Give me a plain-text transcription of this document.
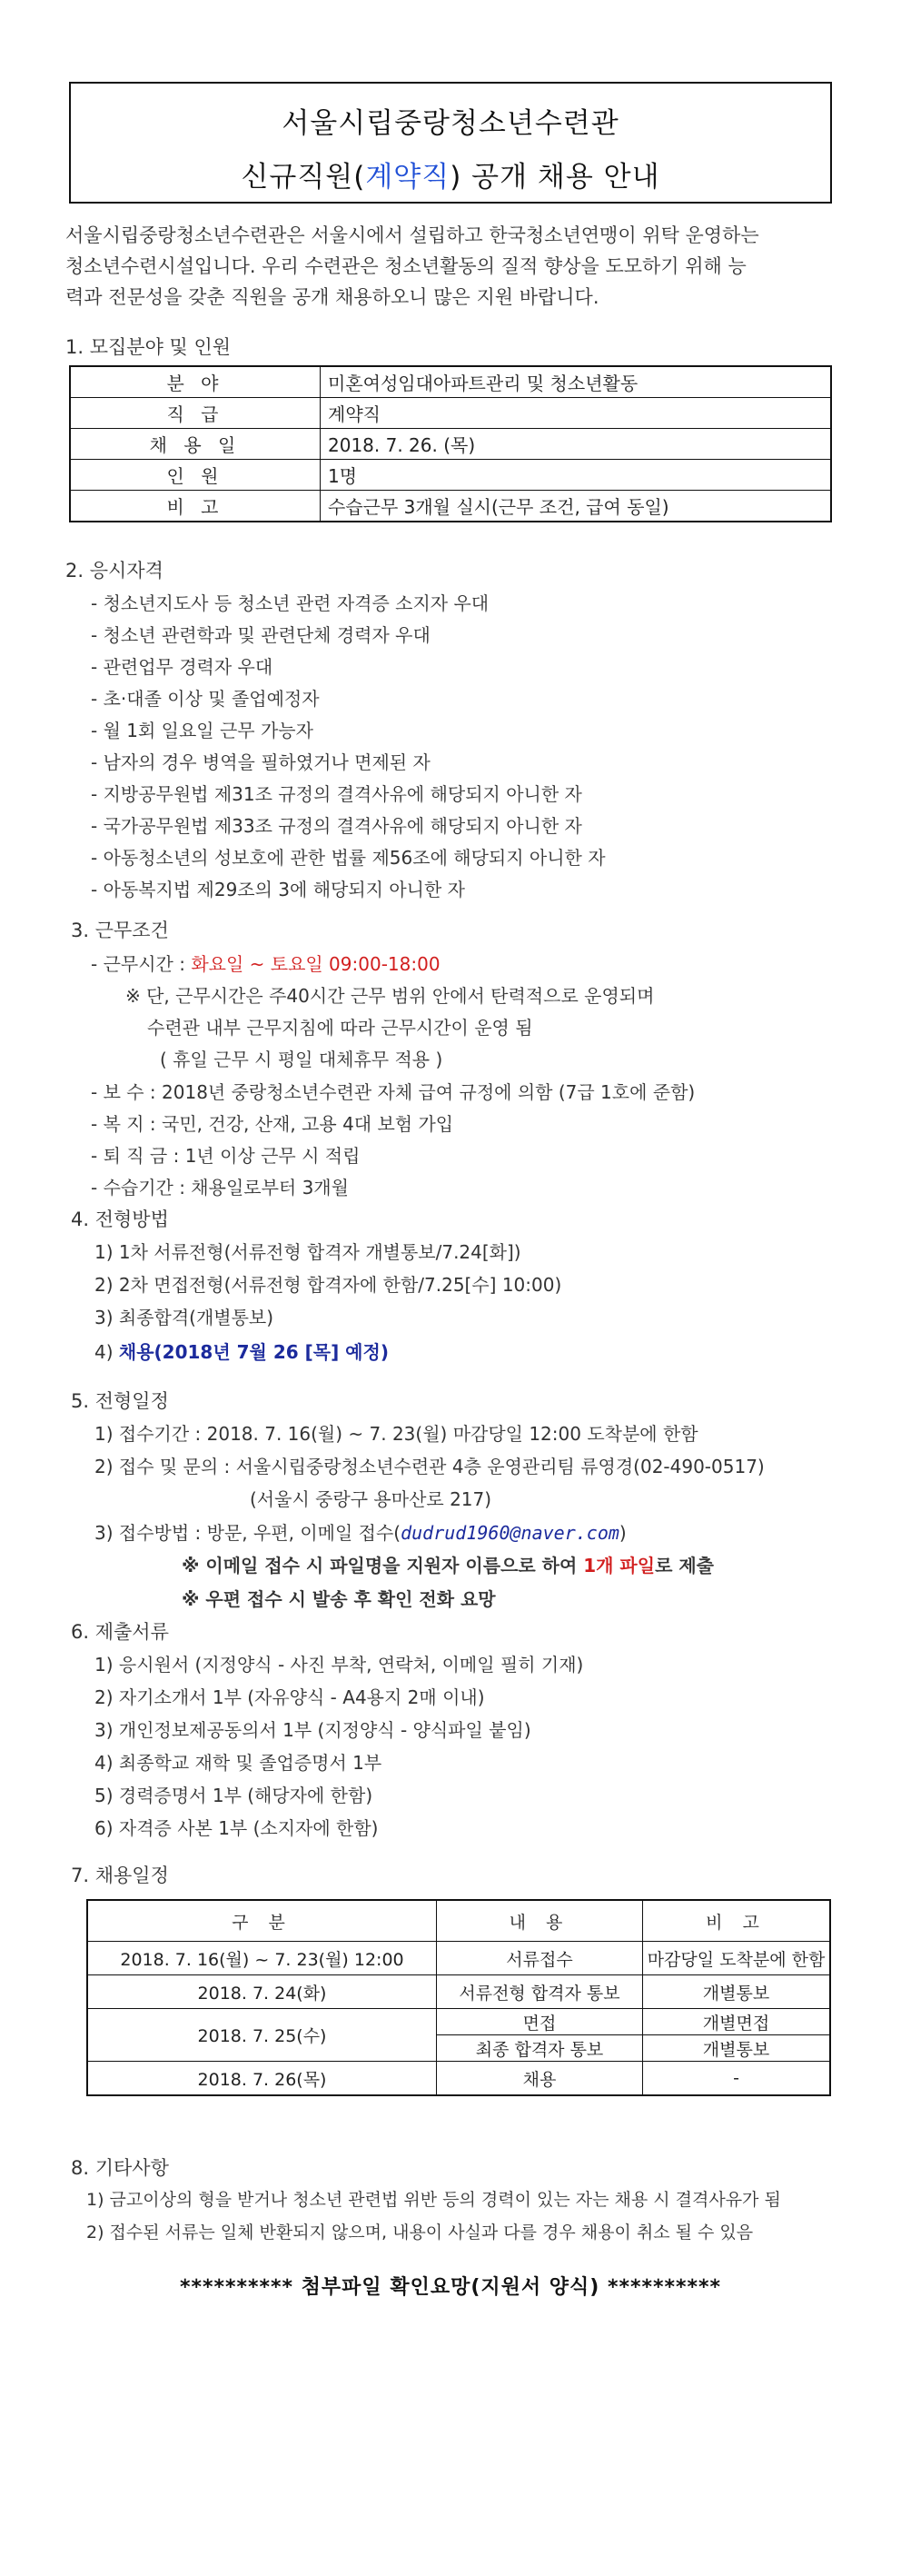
서울시립중랑청소년수련관
신규직원(계약직) 공개 채용 안내
서울시립중랑청소년수련관은 서울시에서 설립하고 한국청소년연맹이 위탁 운영하는
청소년수련시설입니다. 우리 수련관은 청소년활동의 질적 향상을 도모하기 위해 능
력과 전문성을 갖춘 직원을 공개 채용하오니 많은 지원 바랍니다.
1. 모집분야 및 인원
분 야	미혼여성임대아파트관리 및 청소년활동
직 급	계약직
채 용 일	2018. 7. 26. (목)
인 원	1명
비 고	수습근무 3개월 실시(근무 조건, 급여 동일)
2. 응시자격
- 청소년지도사 등 청소년 관련 자격증 소지자 우대
- 청소년 관련학과 및 관련단체 경력자 우대
- 관련업무 경력자 우대
- 초·대졸 이상 및 졸업예정자
- 월 1회 일요일 근무 가능자
- 남자의 경우 병역을 필하였거나 면제된 자
- 지방공무원법 제31조 규정의 결격사유에 해당되지 아니한 자
- 국가공무원법 제33조 규정의 결격사유에 해당되지 아니한 자
- 아동청소년의 성보호에 관한 법률 제56조에 해당되지 아니한 자
- 아동복지법 제29조의 3에 해당되지 아니한 자
3. 근무조건
- 근무시간 : 화요일 ~ 토요일 09:00-18:00
※ 단, 근무시간은 주40시간 근무 범위 안에서 탄력적으로 운영되며
수련관 내부 근무지침에 따라 근무시간이 운영 됨
( 휴일 근무 시 평일 대체휴무 적용 )
- 보 수 : 2018년 중랑청소년수련관 자체 급여 규정에 의함 (7급 1호에 준함)
- 복 지 : 국민, 건강, 산재, 고용 4대 보험 가입
- 퇴 직 금 : 1년 이상 근무 시 적립
- 수습기간 : 채용일로부터 3개월
4. 전형방법
1) 1차 서류전형(서류전형 합격자 개별통보/7.24[화])
2) 2차 면접전형(서류전형 합격자에 한함/7.25[수] 10:00)
3) 최종합격(개별통보)
4) 채용(2018년 7월 26 [목] 예정)
5. 전형일정
1) 접수기간 : 2018. 7. 16(월) ~ 7. 23(월) 마감당일 12:00 도착분에 한함
2) 접수 및 문의 : 서울시립중랑청소년수련관 4층 운영관리팀 류영경(02-490-0517)
(서울시 중랑구 용마산로 217)
3) 접수방법 : 방문, 우편, 이메일 접수(dudrud1960@naver.com)
※ 이메일 접수 시 파일명을 지원자 이름으로 하여 1개 파일로 제출
※ 우편 접수 시 발송 후 확인 전화 요망
6. 제출서류
1) 응시원서 (지정양식 - 사진 부착, 연락처, 이메일 필히 기재)
2) 자기소개서 1부 (자유양식 - A4용지 2매 이내)
3) 개인정보제공동의서 1부 (지정양식 - 양식파일 붙임)
4) 최종학교 재학 및 졸업증명서 1부
5) 경력증명서 1부 (해당자에 한함)
6) 자격증 사본 1부 (소지자에 한함)
7. 채용일정
구 분	내 용	비 고
2018. 7. 16(월) ~ 7. 23(월) 12:00	서류접수	마감당일 도착분에 한함
2018. 7. 24(화)	서류전형 합격자 통보	개별통보
2018. 7. 25(수)	면접	개별면접
	최종 합격자 통보	개별통보
2018. 7. 26(목)	채용	-
8. 기타사항
1) 금고이상의 형을 받거나 청소년 관련법 위반 등의 경력이 있는 자는 채용 시 결격사유가 됨
2) 접수된 서류는 일체 반환되지 않으며, 내용이 사실과 다를 경우 채용이 취소 될 수 있음
********** 첨부파일 확인요망(지원서 양식) **********
